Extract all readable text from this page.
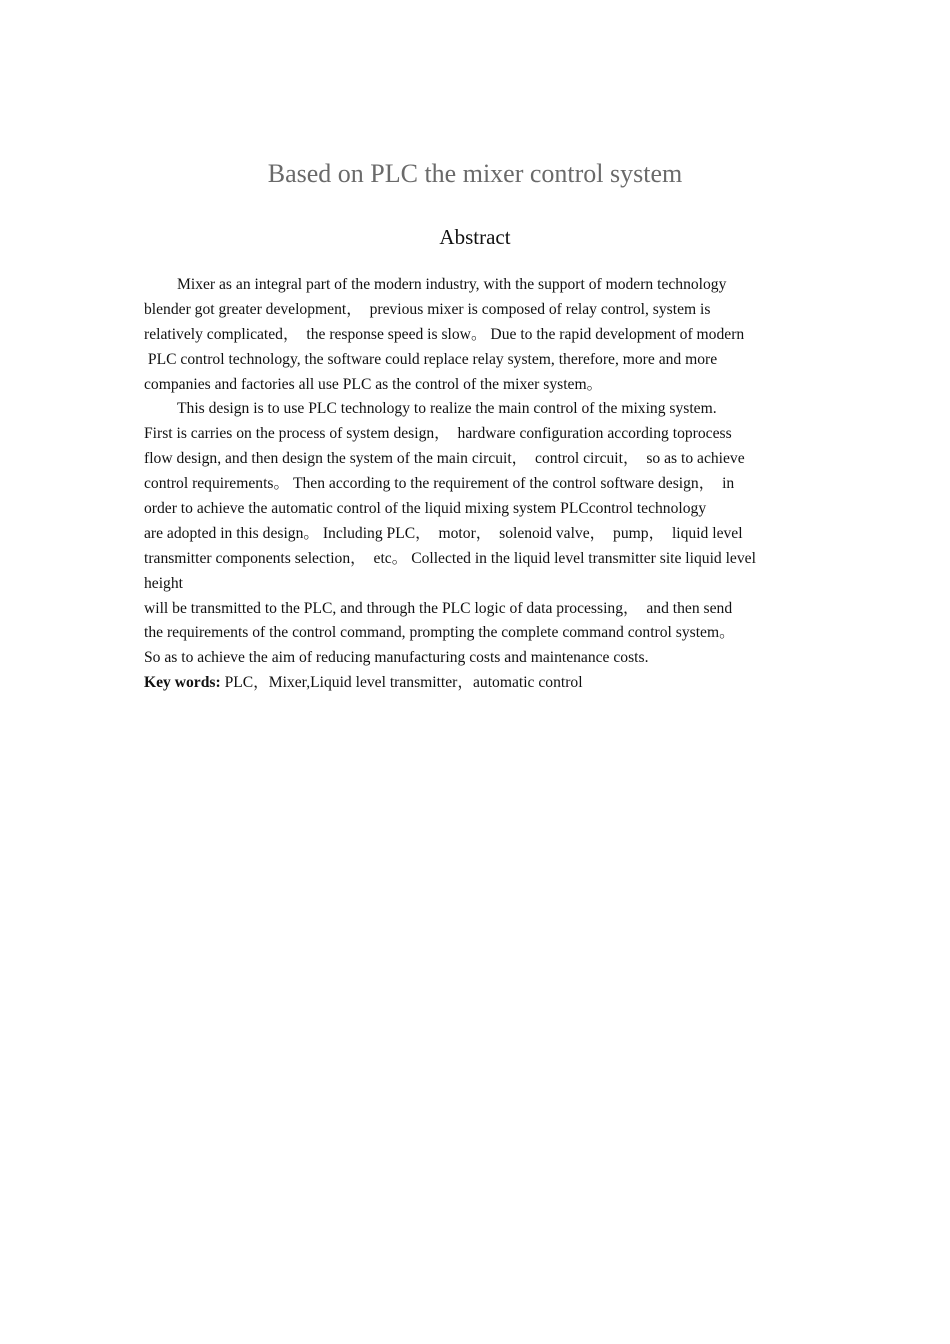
Based on PLC the mixer control system
Abstract
Mixer as an integral part of the modern industry, with the support of modern technology
blender got greater development，  previous mixer is composed of relay control, system is
relatively complicated，  the response speed is slow。 Due to the rapid development of modern
PLC control technology, the software could replace relay system, therefore, more and more
companies and factories all use PLC as the control of the mixer system。
This design is to use PLC technology to realize the main control of the mixing system.
First is carries on the process of system design，  hardware configuration according toprocess
flow design, and then design the system of the main circuit，  control circuit，  so as to achieve
control requirements。 Then according to the requirement of the control software design，  in
order to achieve the automatic control of the liquid mixing system PLCcontrol technology
are adopted in this design。 Including PLC，  motor，  solenoid valve，  pump，  liquid level
transmitter components selection，  etc。 Collected in the liquid level transmitter site liquid level
height
will be transmitted to the PLC, and through the PLC logic of data processing，  and then send
the requirements of the control command, prompting the complete command control system。
So as to achieve the aim of reducing manufacturing costs and maintenance costs.
Key words: PLC，Mixer,Liquid level transmitter，automatic control
